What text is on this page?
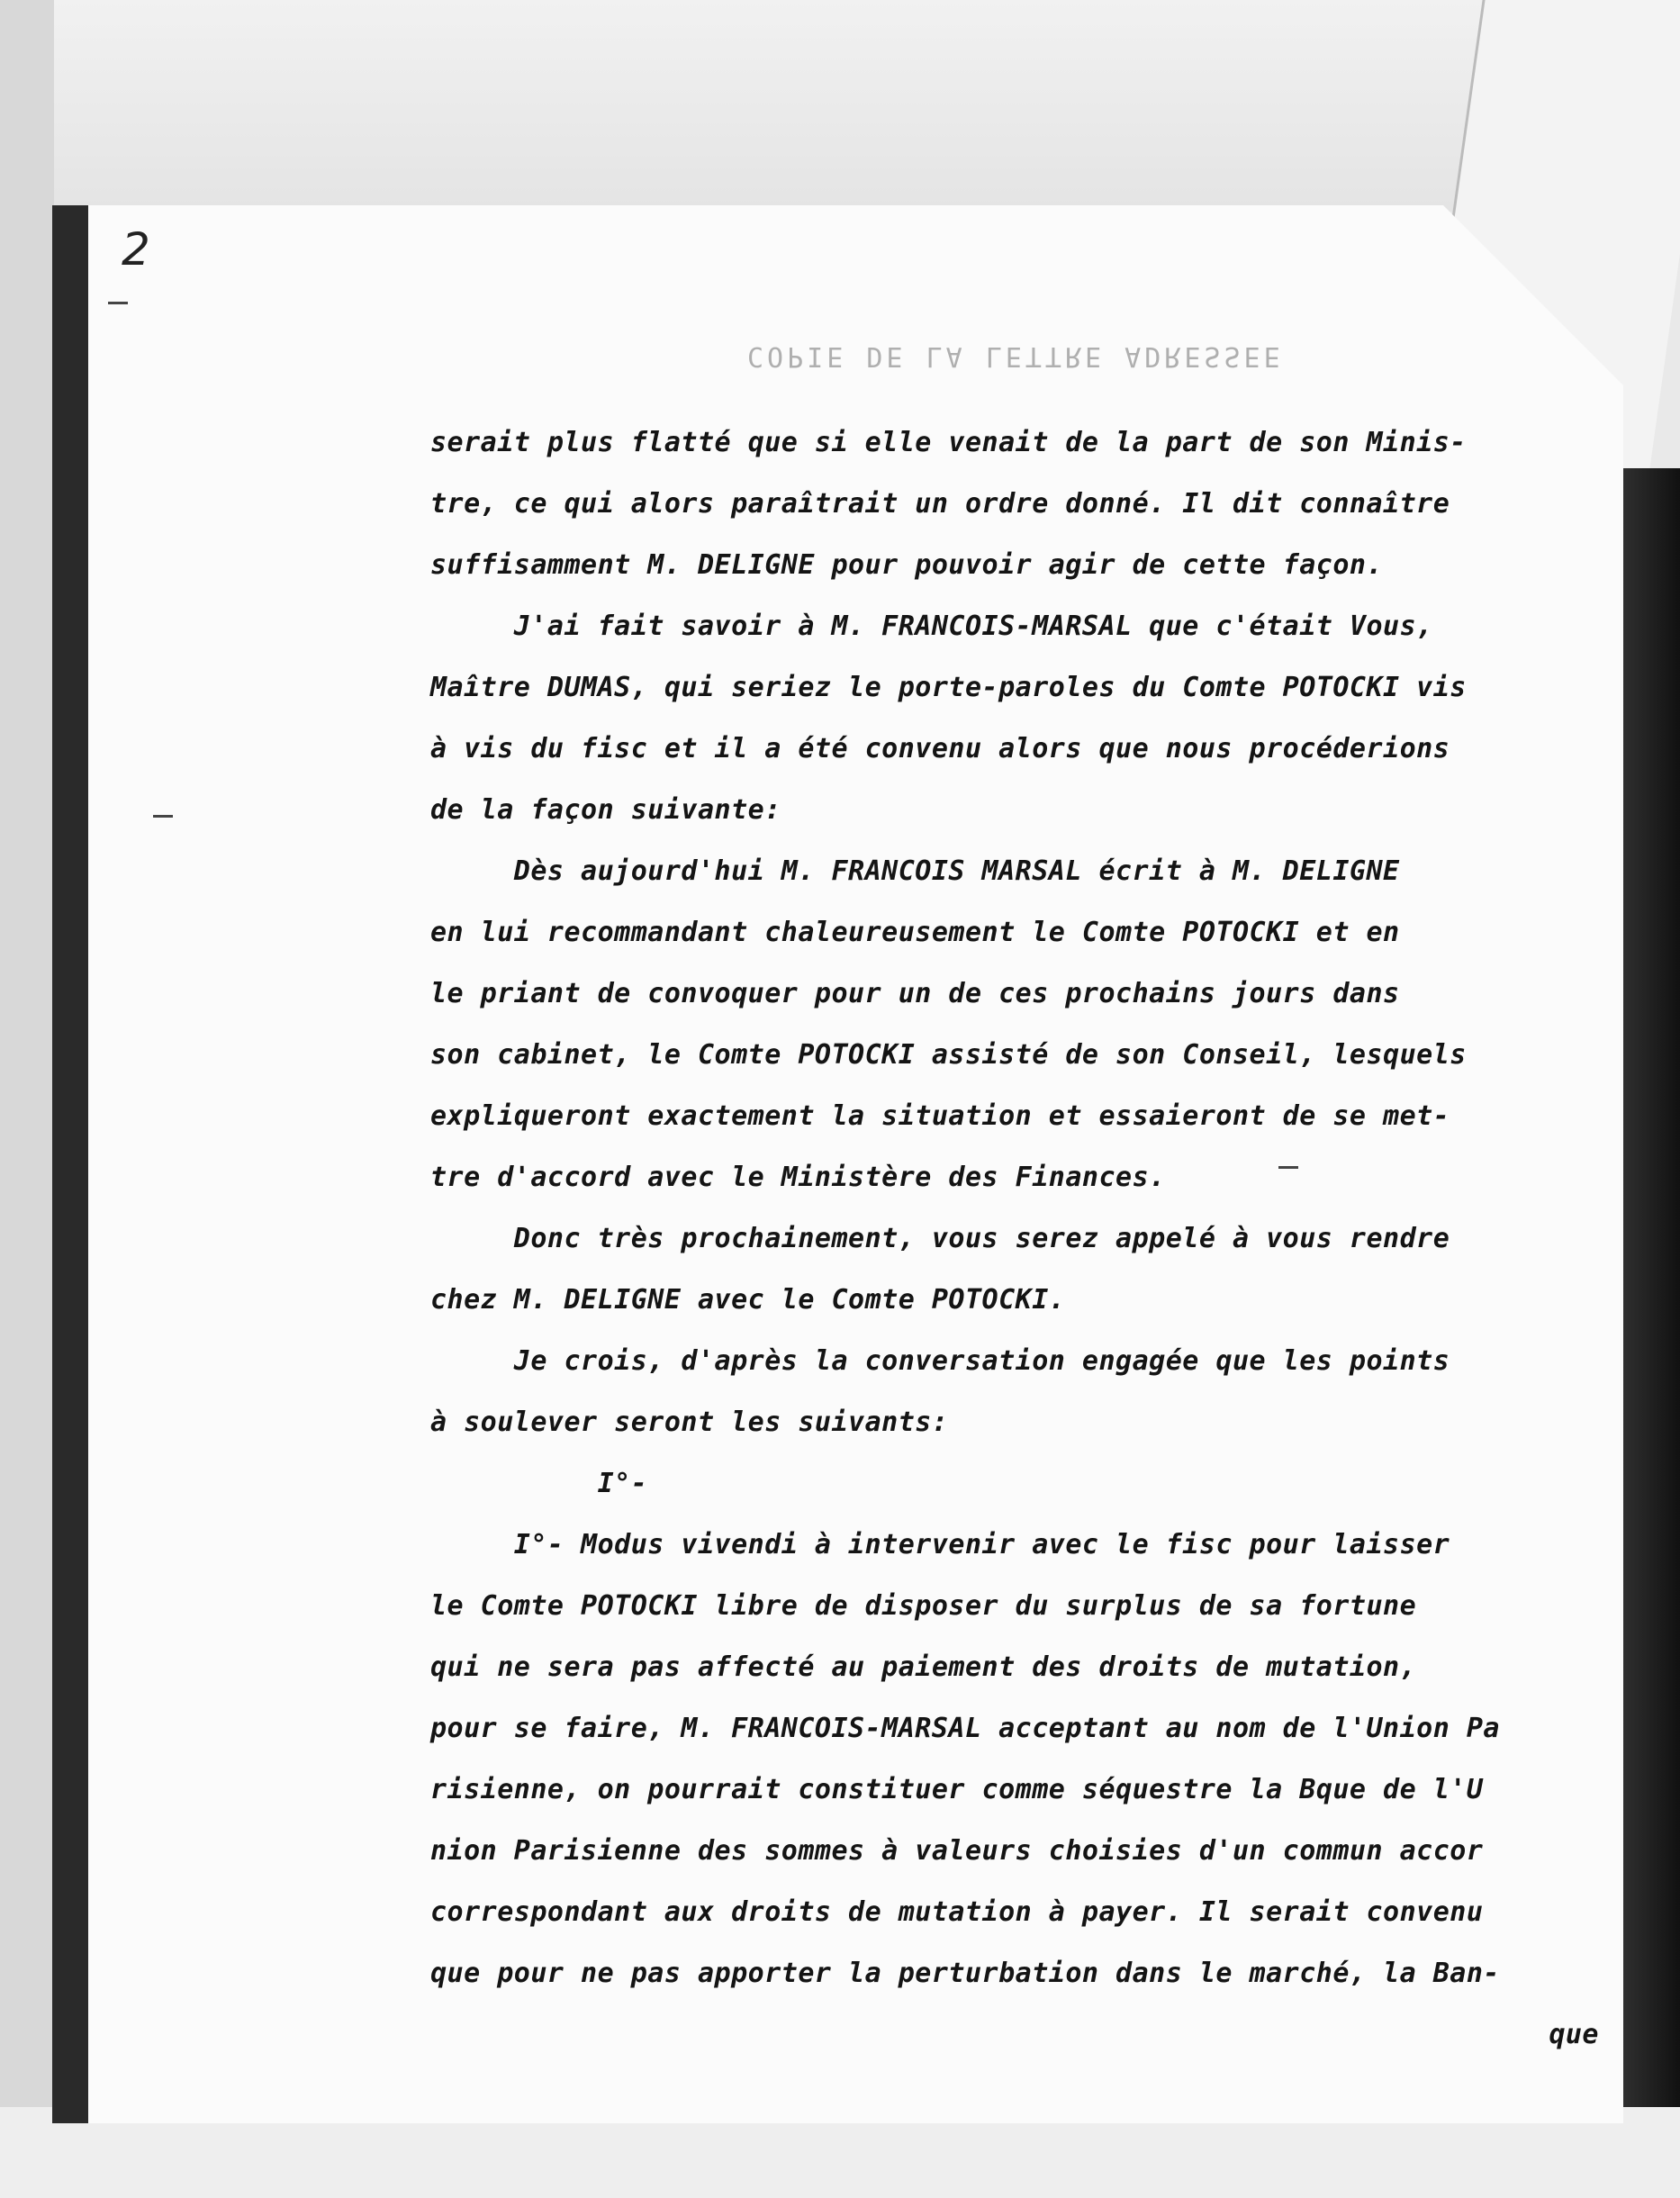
2
COPIE DE LA LETTRE ADRESSEE
serait plus flatté que si elle venait de la part de son Minis-
tre, ce qui alors paraîtrait un ordre donné. Il dit connaître
suffisamment M. DELIGNE pour pouvoir agir de cette façon.
J'ai fait savoir à M. FRANCOIS-MARSAL que c'était Vous,
Maître DUMAS, qui seriez le porte-paroles du Comte POTOCKI vis
à vis du fisc et il a été convenu alors que nous procéderions
de la façon suivante:
Dès aujourd'hui M. FRANCOIS MARSAL écrit à M. DELIGNE
en lui recommandant chaleureusement le Comte POTOCKI et en
le priant de convoquer pour un de ces prochains jours dans
son cabinet, le Comte POTOCKI assisté de son Conseil, lesquels
expliqueront exactement la situation et essaieront de se met-
tre d'accord avec le Ministère des Finances.
Donc très prochainement, vous serez appelé à vous rendre
chez M. DELIGNE avec le Comte POTOCKI.
Je crois, d'après la conversation engagée que les points
à soulever seront les suivants:
I°-
I°- Modus vivendi à intervenir avec le fisc pour laisser
le Comte POTOCKI libre de disposer du surplus de sa fortune
qui ne sera pas affecté au paiement des droits de mutation,
pour se faire, M. FRANCOIS-MARSAL acceptant au nom de l'Union Pa
risienne, on pourrait constituer comme séquestre la Bque de l'U
nion Parisienne des sommes à valeurs choisies d'un commun accor
correspondant aux droits de mutation à payer. Il serait convenu
que pour ne pas apporter la perturbation dans le marché, la Ban-
que
